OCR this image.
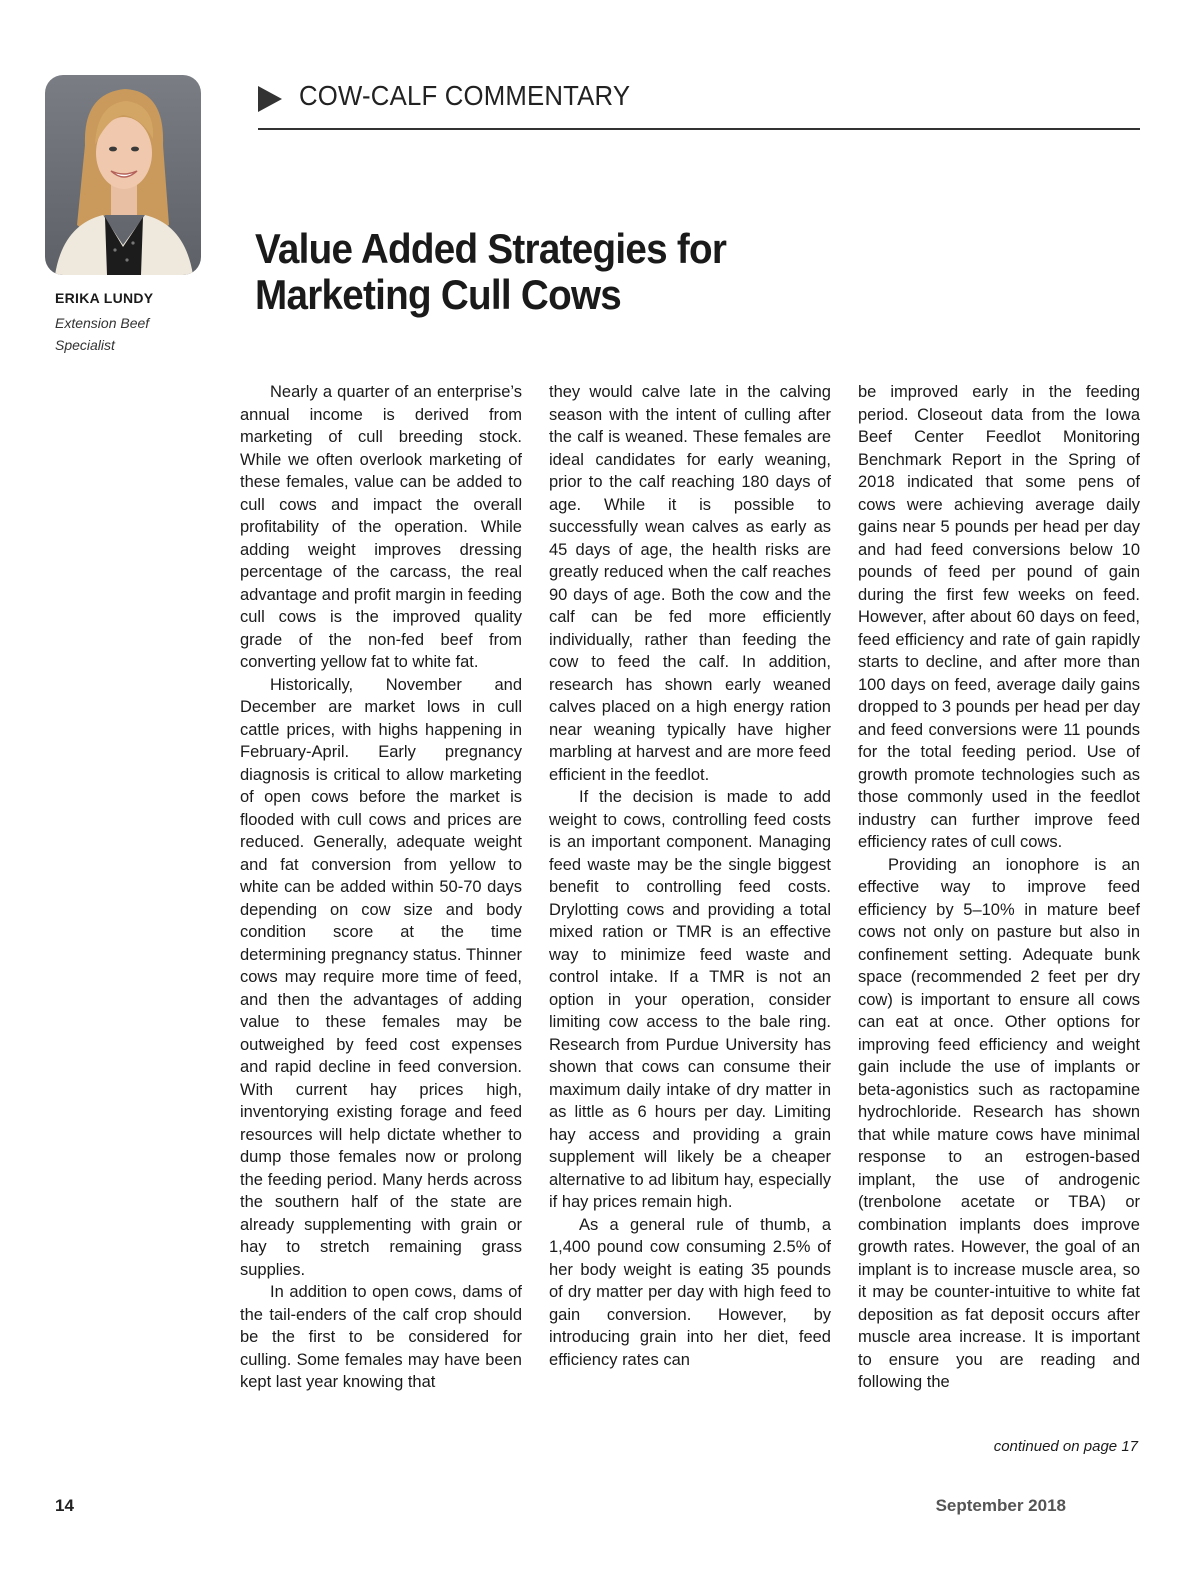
ERIKA LUNDY
Extension Beef Specialist
COW-CALF COMMENTARY
Value Added Strategies for Marketing Cull Cows

Nearly a quarter of an enterprise’s annual income is derived from marketing of cull breeding stock. While we often overlook marketing of these females, value can be added to cull cows and impact the overall profitability of the operation. While adding weight improves dressing percentage of the carcass, the real advantage and profit margin in feeding cull cows is the improved quality grade of the non-fed beef from converting yellow fat to white fat.

Historically, November and December are market lows in cull cattle prices, with highs happening in February-April. Early pregnancy diagnosis is critical to allow marketing of open cows before the market is flooded with cull cows and prices are reduced. Generally, adequate weight and fat conversion from yellow to white can be added within 50-70 days depending on cow size and body condition score at the time determining pregnancy status. Thinner cows may require more time of feed, and then the advantages of adding value to these females may be outweighed by feed cost expenses and rapid decline in feed conversion. With current hay prices high, inventorying existing forage and feed resources will help dictate whether to dump those females now or prolong the feeding period. Many herds across the southern half of the state are already supplementing with grain or hay to stretch remaining grass supplies.

In addition to open cows, dams of the tail-enders of the calf crop should be the first to be considered for culling. Some females may have been kept last year knowing that

they would calve late in the calving season with the intent of culling after the calf is weaned. These females are ideal candidates for early weaning, prior to the calf reaching 180 days of age. While it is possible to successfully wean calves as early as 45 days of age, the health risks are greatly reduced when the calf reaches 90 days of age. Both the cow and the calf can be fed more efficiently individually, rather than feeding the cow to feed the calf. In addition, research has shown early weaned calves placed on a high energy ration near weaning typically have higher marbling at harvest and are more feed efficient in the feedlot.

If the decision is made to add weight to cows, controlling feed costs is an important component. Managing feed waste may be the single biggest benefit to controlling feed costs. Drylotting cows and providing a total mixed ration or TMR is an effective way to minimize feed waste and control intake. If a TMR is not an option in your operation, consider limiting cow access to the bale ring. Research from Purdue University has shown that cows can consume their maximum daily intake of dry matter in as little as 6 hours per day. Limiting hay access and providing a grain supplement will likely be a cheaper alternative to ad libitum hay, especially if hay prices remain high.

As a general rule of thumb, a 1,400 pound cow consuming 2.5% of her body weight is eating 35 pounds of dry matter per day with high feed to gain conversion. However, by introducing grain into her diet, feed efficiency rates can

be improved early in the feeding period. Closeout data from the Iowa Beef Center Feedlot Monitoring Benchmark Report in the Spring of 2018 indicated that some pens of cows were achieving average daily gains near 5 pounds per head per day and had feed conversions below 10 pounds of feed per pound of gain during the first few weeks on feed. However, after about 60 days on feed, feed efficiency and rate of gain rapidly starts to decline, and after more than 100 days on feed, average daily gains dropped to 3 pounds per head per day and feed conversions were 11 pounds for the total feeding period. Use of growth promote technologies such as those commonly used in the feedlot industry can further improve feed efficiency rates of cull cows.

Providing an ionophore is an effective way to improve feed efficiency by 5–10% in mature beef cows not only on pasture but also in confinement setting. Adequate bunk space (recommended 2 feet per dry cow) is important to ensure all cows can eat at once. Other options for improving feed efficiency and weight gain include the use of implants or beta-agonistics such as ractopamine hydrochloride. Research has shown that while mature cows have minimal response to an estrogen-based implant, the use of androgenic (trenbolone acetate or TBA) or combination implants does improve growth rates. However, the goal of an implant is to increase muscle area, so it may be counter-intuitive to white fat deposition as fat deposit occurs after muscle area increase. It is important to ensure you are reading and following the

continued on page 17
14	September 2018
